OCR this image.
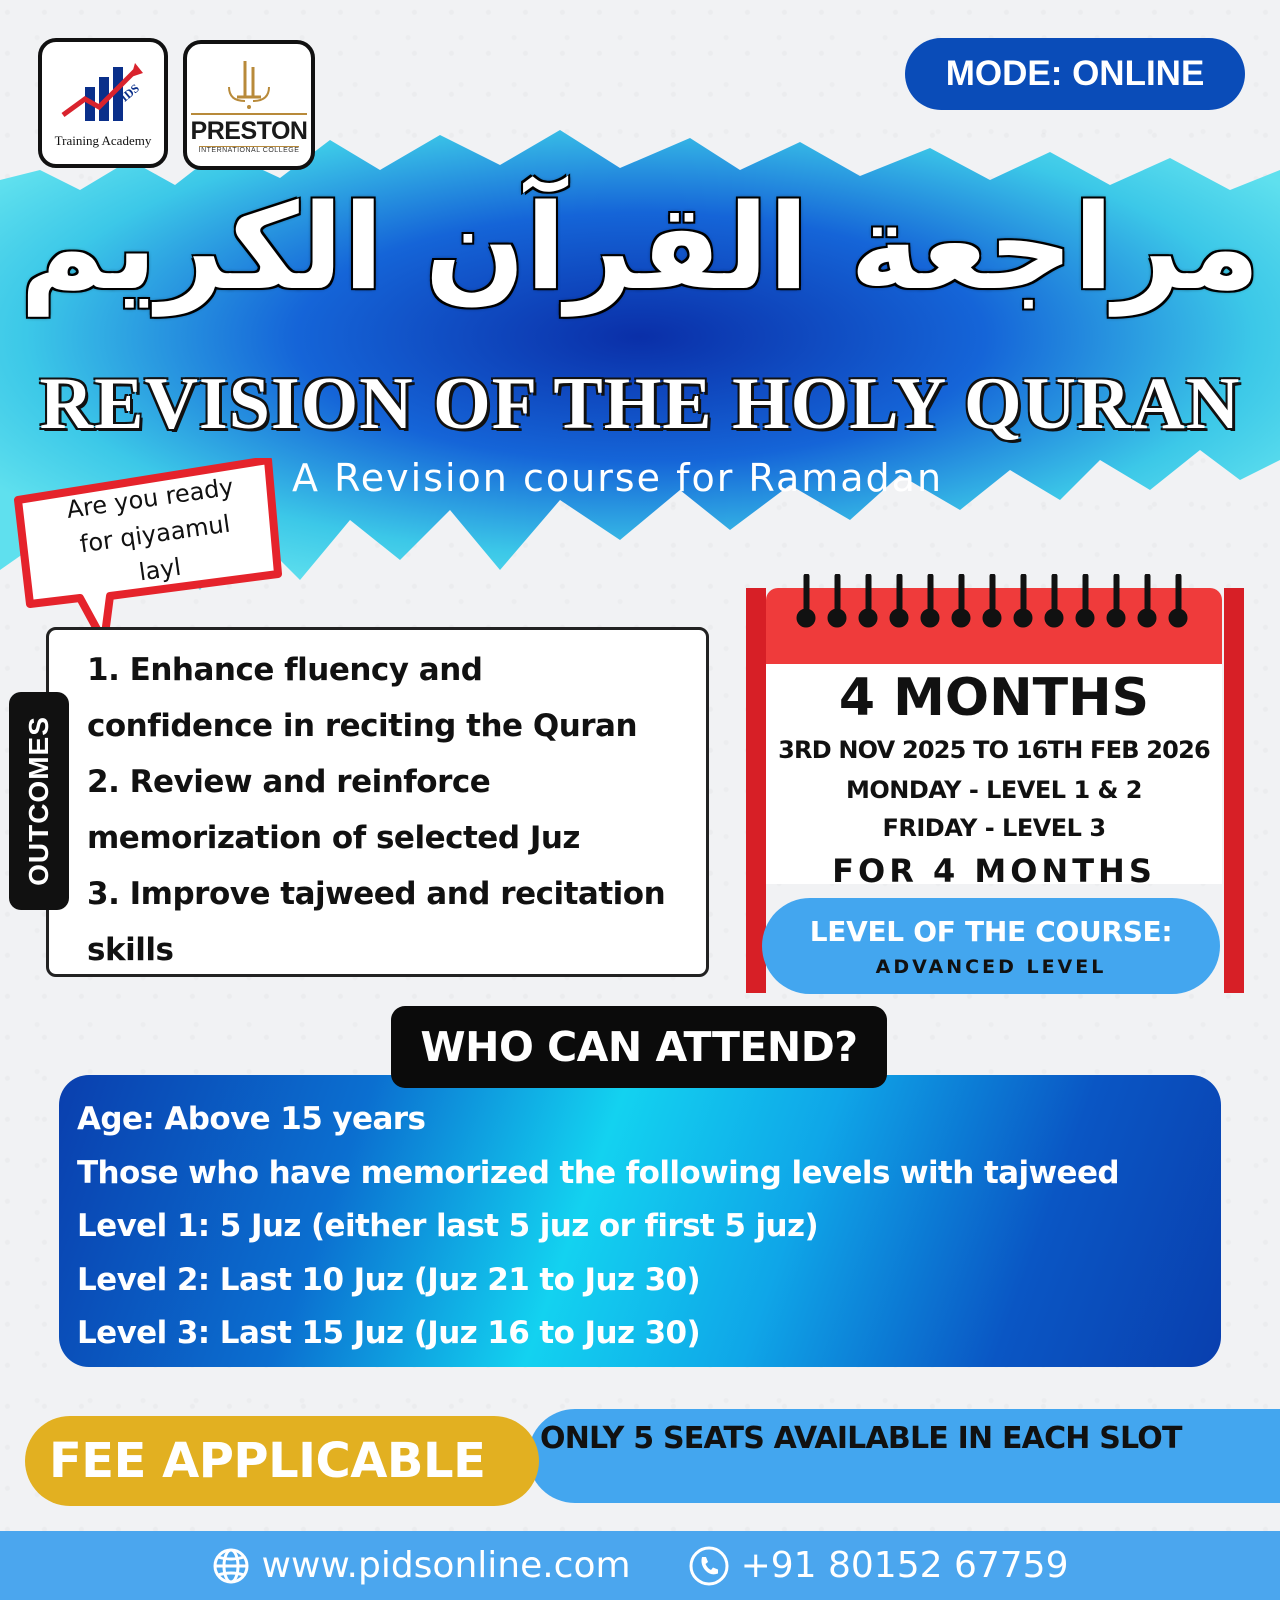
PIDS
Training Academy PRESTON
INTERNATIONAL COLLEGE
MODE: ONLINE
مراجعة القرآن الكريم
REVISION OF THE HOLY QURAN
A Revision course for Ramadan
Are you ready
for qiyaamul
layl
1. Enhance fluency and
confidence in reciting the Quran
2. Review and reinforce
memorization of selected Juz
3. Improve tajweed and recitation
skills
OUTCOMES
4 MONTHS
3RD NOV 2025 TO 16TH FEB 2026
MONDAY - LEVEL 1 & 2
FRIDAY - LEVEL 3
FOR 4 MONTHS
LEVEL OF THE COURSE:
ADVANCED LEVEL
Age: Above 15 years
Those who have memorized the following levels with tajweed
Level 1: 5 Juz (either last 5 juz or first 5 juz)
Level 2: Last 10 Juz (Juz 21 to Juz 30)
Level 3: Last 15 Juz (Juz 16 to Juz 30)
WHO CAN ATTEND?
ONLY 5 SEATS AVAILABLE IN EACH SLOT
FEE APPLICABLE
www.pidsonline.com	+91 80152 67759
